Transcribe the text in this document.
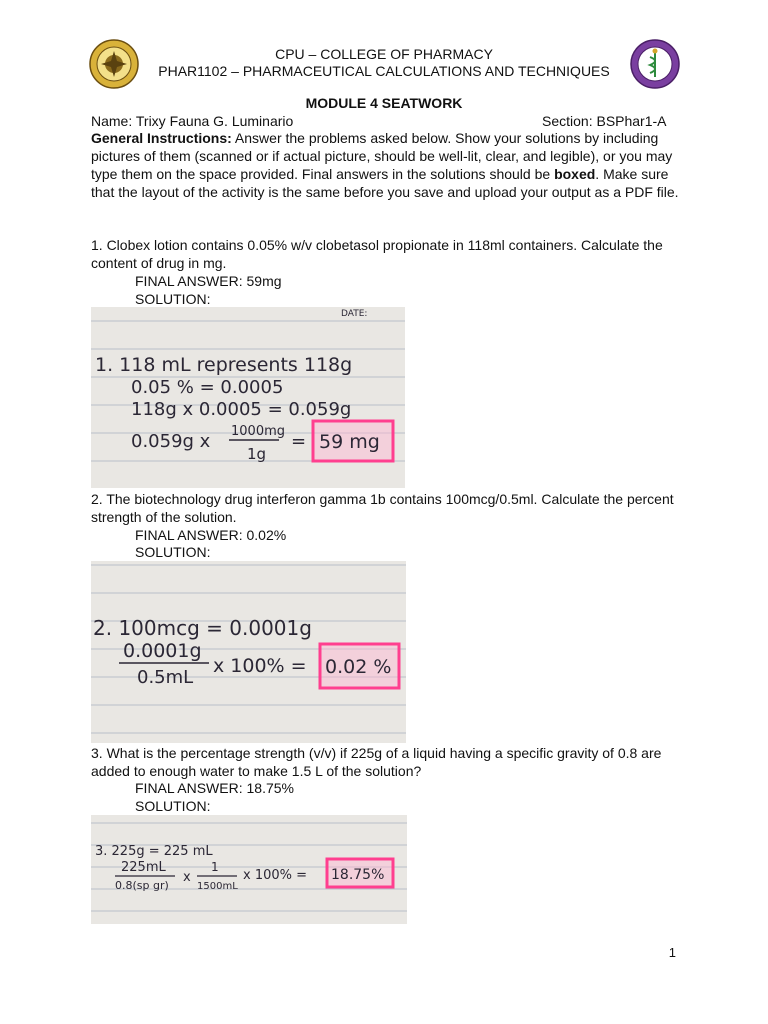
CPU – COLLEGE OF PHARMACY
PHAR1102 – PHARMACEUTICAL CALCULATIONS AND TECHNIQUES
MODULE 4 SEATWORK
Name: Trixy Fauna G. Luminario	Section: BSPhar1-A
General Instructions: Answer the problems asked below. Show your solutions by including pictures of them (scanned or if actual picture, should be well-lit, clear, and legible), or you may type them on the space provided. Final answers in the solutions should be boxed. Make sure that the layout of the activity is the same before you save and upload your output as a PDF file.
1. Clobex lotion contains 0.05% w/v clobetasol propionate in 118ml containers. Calculate the content of drug in mg.
FINAL ANSWER: 59mg
SOLUTION:
DATE:
1. 118 mL represents 118g
0.05 % = 0.0005
118g x 0.0005 = 0.059g
0.059g x 1000mg
1g
= 59 mg
2. The biotechnology drug interferon gamma 1b contains 100mcg/0.5ml. Calculate the percent strength of the solution.
FINAL ANSWER: 0.02%
SOLUTION:
2. 100mcg = 0.0001g
0.0001g
0.5mL
x 100% = 0.02 %
3. What is the percentage strength (v/v) if 225g of a liquid having a specific gravity of 0.8 are added to enough water to make 1.5 L of the solution?
FINAL ANSWER: 18.75%
SOLUTION:
3. 225g = 225 mL
225mL
0.8(sp gr)
x
1
1500mL
x 100% = 18.75%
1
